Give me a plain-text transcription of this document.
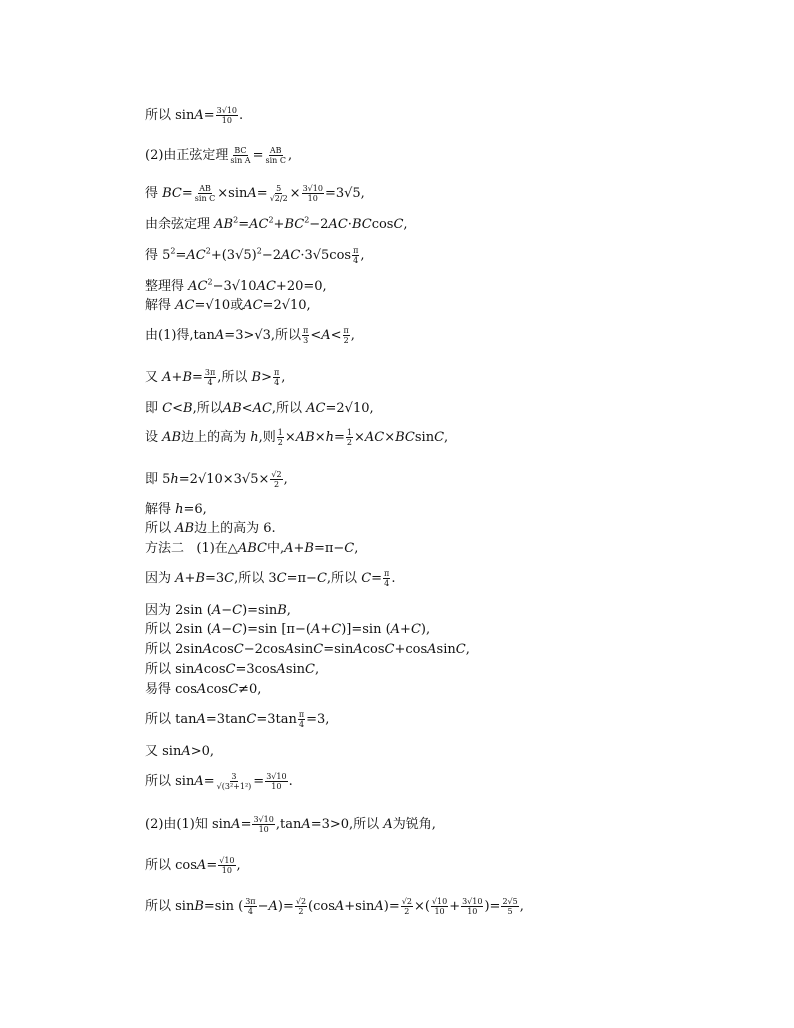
所以 $\sin A= \frac{3√10}{10}$ .
(2)由正弦定理 $\frac{BC}{\text{sin A}} = \frac{AB}{\text{sin C}}$ ,
得 $BC= \frac{AB}{\text{sin C}} \times\sin A= \frac{5}{√2/2} \times \frac{3√10}{10} =3√5$,
由余弦定理 $AB^2=AC^2+BC^2-2AC\cdot BCcosC$,
得 $5^2=AC^2+(3√5)^2-2AC\cdot 3√5\cos \frac{\pi}{4}$ ,
整理得 $AC^2-3√10AC+20=0$,
解得 AC=√10或AC=2√10,
由(1)得,tanA=3>√3,所以 $\frac{\pi}{3} <A< \frac{\pi}{2}$ ,
又 $A+B= \frac{3\pi}{4}$ ,所以 $B> \frac{\pi}{4}$ ,
即 C<B,所以AB<AC,所以 AC=2√10,
设 AB边上的高为 h,则 $\frac{1}{2} \times AB\times h= \frac{1}{2} \times AC\times BCsinC$,
即 $5h=2√10\times 3√5\times \frac{√2}{2}$ ,
解得 h=6,
所以 AB边上的高为 6.
方法二   (1)在△ABC中,A+B=π−C,
因为 A+B=3C,所以 3C=π−C,所以 $C= \frac{\pi}{4}$ .
因为 2sin (A−C)=sinB,
所以 2sin (A−C)=sin [π−(A+C)]=sin (A+C),
所以 2sinAcosC−2cosAsinC=sinAcosC+cosAsinC,
所以 sinAcosC=3cosAsinC,
易得 cosAcosC≠0,
所以 $\tan A=3\tan C=3\tan \frac{\pi}{4} =3$,
又 sinA>0,
所以 $\sin A= \frac{3}{\text{√(3²+1²)}} = \frac{3√10}{10}$ .
(2)由(1)知 $\sin A= \frac{3√10}{10} ,\tan A=3>0$,所以 A为锐角,
所以 $\cos A= \frac{√10}{10}$ ,
所以 sinB=sin ( $\frac{3\pi}{4} -A)= \frac{√2}{2} (\cos A+\sin A)= \frac{√2}{2}$ ×( $\frac{√10}{10} + \frac{3√10}{10}$ )= $\frac{2√5}{5}$ ,
